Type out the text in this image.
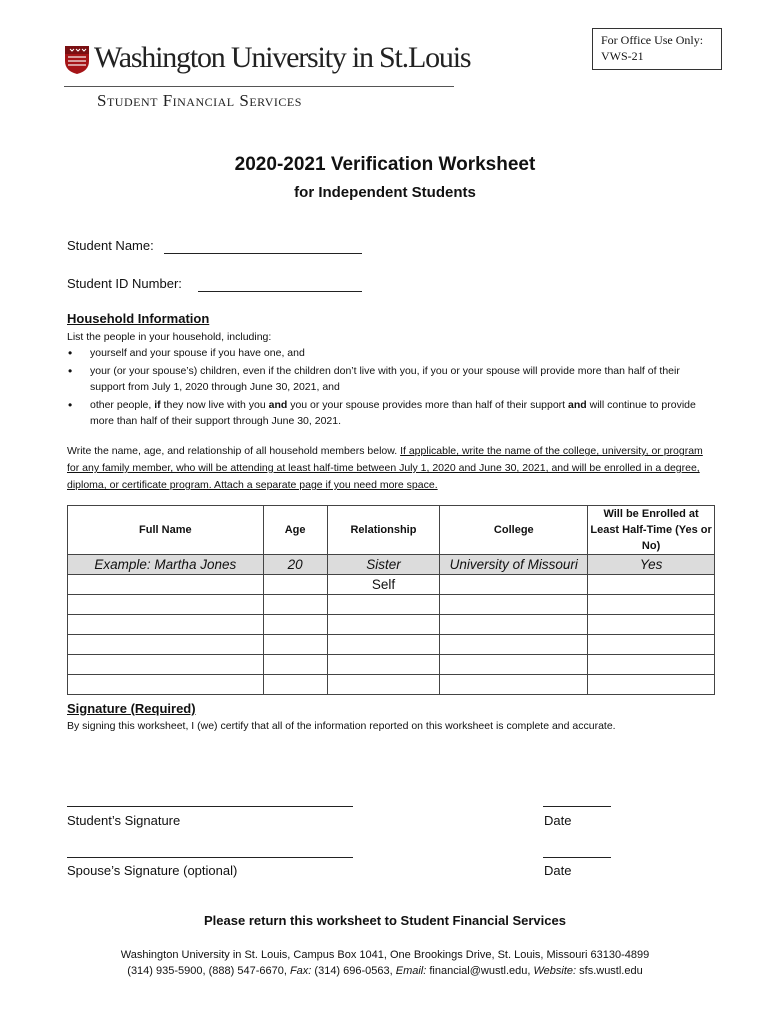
For Office Use Only:
VWS-21
Washington University in St.Louis
Student Financial Services
2020-2021 Verification Worksheet
for Independent Students
Student Name:
Student ID Number:
Household Information
List the people in your household, including:
• yourself and your spouse if you have one, and
• your (or your spouse’s) children, even if the children don’t live with you, if you or your spouse will provide more than half of their support from July 1, 2020 through June 30, 2021, and
• other people, if they now live with you and you or your spouse provides more than half of their support and will continue to provide more than half of their support through June 30, 2021.
Write the name, age, and relationship of all household members below. If applicable, write the name of the college, university, or program for any family member, who will be attending at least half-time between July 1, 2020 and June 30, 2021, and will be enrolled in a degree, diploma, or certificate program. Attach a separate page if you need more space.
Full Name	Age	Relationship	College	Will be Enrolled at Least Half-Time (Yes or No)
Example: Martha Jones	20	Sister	University of Missouri	Yes
		Self		

Signature (Required)
By signing this worksheet, I (we) certify that all of the information reported on this worksheet is complete and accurate.
Student’s Signature	Date
Spouse’s Signature (optional)	Date
Please return this worksheet to Student Financial Services
Washington University in St. Louis, Campus Box 1041, One Brookings Drive, St. Louis, Missouri 63130-4899
(314) 935-5900, (888) 547-6670, Fax: (314) 696-0563, Email: financial@wustl.edu, Website: sfs.wustl.edu
